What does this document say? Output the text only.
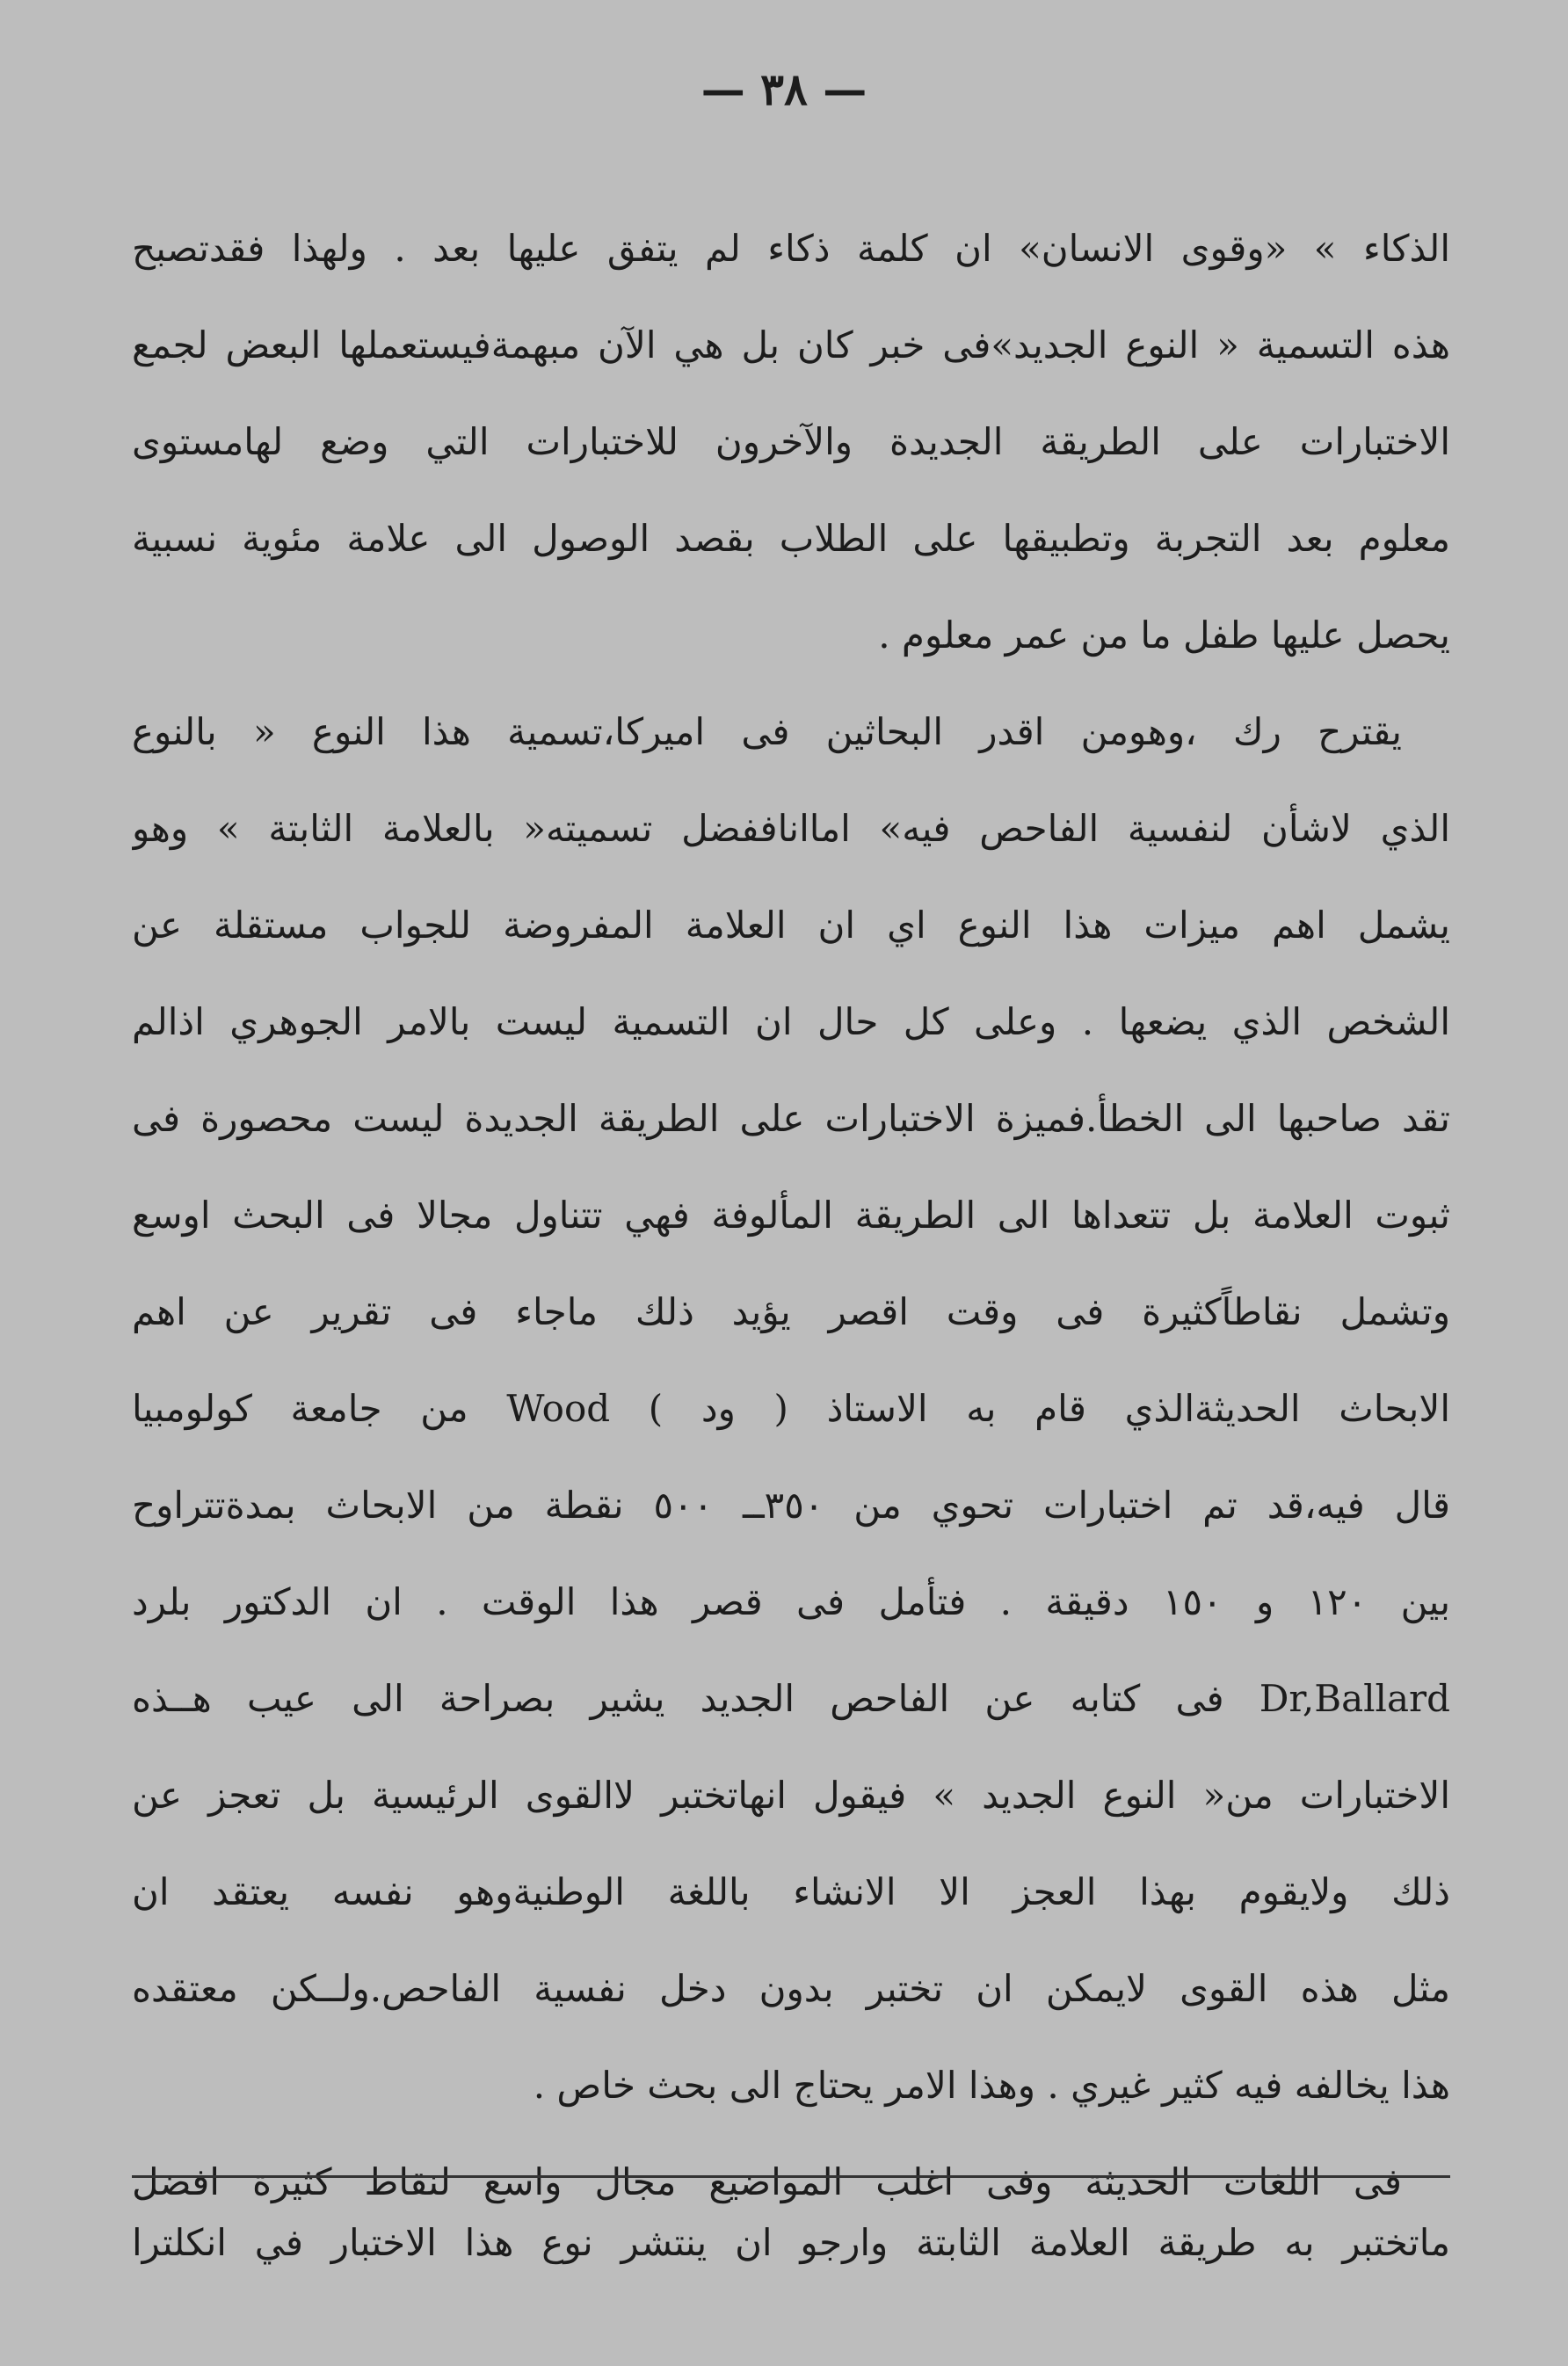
— ٣٨ —
الذكاء » «وقوى الانسان» ان كلمة ذكاء لم يتفق عليها بعد . ولهذا فقدتصبح
هذه التسمية « النوع الجديد»فى خبر كان بل هي الآن مبهمةفيستعملها البعض لجمع
الاختبارات على الطريقة الجديدة والآخرون للاختبارات التي وضع لهامستوى
معلوم بعد التجربة وتطبيقها على الطلاب بقصد الوصول الى علامة مئوية نسبية
يحصل عليها طفل ما من عمر معلوم .
يقترح رك ،وهومن اقدر البحاثين فى اميركا،تسمية هذا النوع « بالنوع
الذي لاشأن لنفسية الفاحص فيه» امااناففضل تسميته« بالعلامة الثابتة » وهو
يشمل اهم ميزات هذا النوع اي ان العلامة المفروضة للجواب مستقلة عن
الشخص الذي يضعها . وعلى كل حال ان التسمية ليست بالامر الجوهري اذالم
تقد صاحبها الى الخطأ.فميزة الاختبارات على الطريقة الجديدة ليست محصورة فى
ثبوت العلامة بل تتعداها الى الطريقة المألوفة فهي تتناول مجالا فى البحث اوسع
وتشمل نقاطاًكثيرة فى وقت اقصر يؤيد ذلك ماجاء فى تقرير عن اهم
الابحاث الحديثةالذي قام به الاستاذ ( ود ) Wood من جامعة كولومبيا
قال فيه،قد تم اختبارات تحوي من ٣٥٠ــ ٥٠٠ نقطة من الابحاث بمدةتتراوح
بين ١٢٠ و ١٥٠ دقيقة . فتأمل فى قصر هذا الوقت . ان الدكتور بلرد
Dr,Ballard فى كتابه عن الفاحص الجديد يشير بصراحة الى عيب هــذه
الاختبارات من« النوع الجديد » فيقول انهاتختبر لاالقوى الرئيسية بل تعجز عن
ذلك ولايقوم بهذا العجز الا الانشاء باللغة الوطنيةوهو نفسه يعتقد ان
مثل هذه القوى لايمكن ان تختبر بدون دخل نفسية الفاحص.ولــكن معتقده
هذا يخالفه فيه كثير غيري . وهذا الامر يحتاج الى بحث خاص .
فى اللغات الحديثة وفى اغلب المواضيع مجال واسع لنقاط كثيرة افضل
ماتختبر به طريقة العلامة الثابتة وارجو ان ينتشر نوع هذا الاختبار في انكلترا
